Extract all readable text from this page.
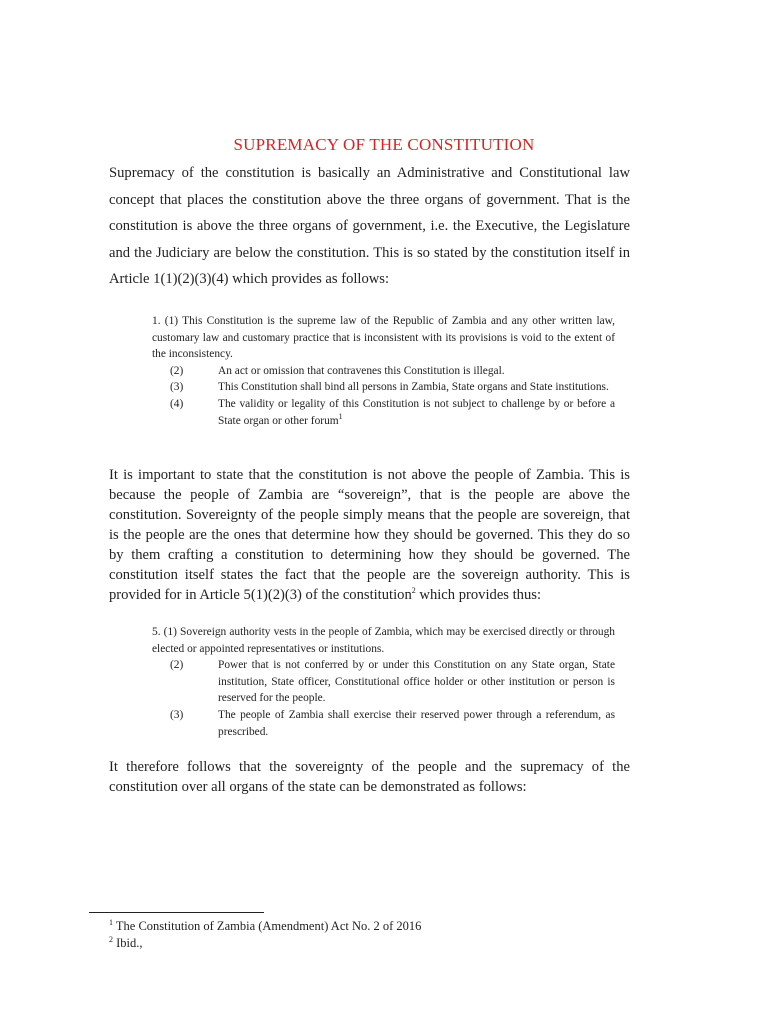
SUPREMACY OF THE CONSTITUTION

Supremacy of the constitution is basically an Administrative and Constitutional law concept that places the constitution above the three organs of government. That is the constitution is above the three organs of government, i.e. the Executive, the Legislature and the Judiciary are below the constitution. This is so stated by the constitution itself in Article 1(1)(2)(3)(4) which provides as follows:

1. (1) This Constitution is the supreme law of the Republic of Zambia and any other written law, customary law and customary practice that is inconsistent with its provisions is void to the extent of the inconsistency.
(2)	An act or omission that contravenes this Constitution is illegal.
(3)	This Constitution shall bind all persons in Zambia, State organs and State institutions.
(4)	The validity or legality of this Constitution is not subject to challenge by or before a State organ or other forum$^1$

It is important to state that the constitution is not above the people of Zambia. This is because the people of Zambia are “sovereign”, that is the people are above the constitution. Sovereignty of the people simply means that the people are sovereign, that is the people are the ones that determine how they should be governed. This they do so by them crafting a constitution to determining how they should be governed. The constitution itself states the fact that the people are the sovereign authority. This is provided for in Article 5(1)(2)(3) of the constitution$^2$ which provides thus:

5. (1) Sovereign authority vests in the people of Zambia, which may be exercised directly or through elected or appointed representatives or institutions.
(2)	Power that is not conferred by or under this Constitution on any State organ, State institution, State officer, Constitutional office holder or other institution or person is reserved for the people.
(3)	The people of Zambia shall exercise their reserved power through a referendum, as prescribed.

It therefore follows that the sovereignty of the people and the supremacy of the constitution over all organs of the state can be demonstrated as follows:

$^1$ The Constitution of Zambia (Amendment) Act No. 2 of 2016
$^2$ Ibid.,
